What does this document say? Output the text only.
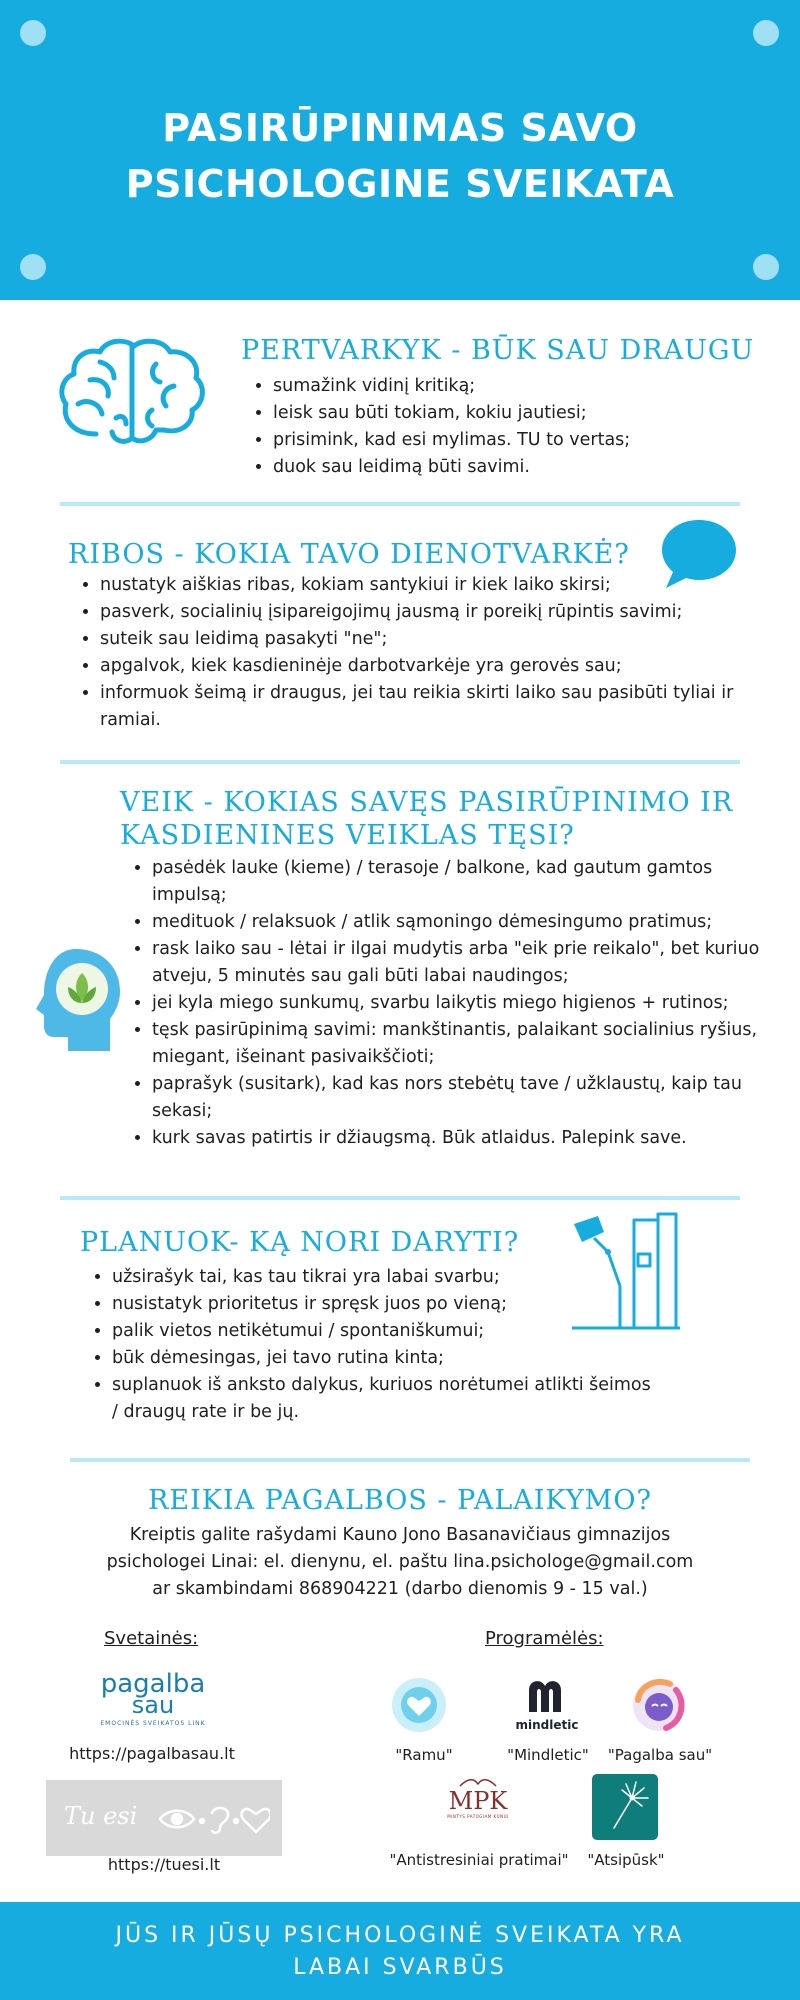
PASIRŪPINIMAS SAVO
PSICHOLOGINE SVEIKATA
PERTVARKYK - BŪK SAU DRAUGU
• sumažink vidinį kritiką;
• leisk sau būti tokiam, kokiu jautiesi;
• prisimink, kad esi mylimas. TU to vertas;
• duok sau leidimą būti savimi.
RIBOS - KOKIA TAVO DIENOTVARKĖ?
• nustatyk aiškias ribas, kokiam santykiui ir kiek laiko skirsi;
• pasverk, socialinių įsipareigojimų jausmą ir poreikį rūpintis savimi;
• suteik sau leidimą pasakyti "ne";
• apgalvok, kiek kasdieninėje darbotvarkėje yra gerovės sau;
• informuok šeimą ir draugus, jei tau reikia skirti laiko sau pasibūti tyliai ir ramiai.
VEIK - KOKIAS SAVĘS PASIRŪPINIMO IR
KASDIENINES VEIKLAS TĘSI?
• pasėdėk lauke (kieme) / terasoje / balkone, kad gautum gamtos impulsą;
• medituok / relaksuok / atlik sąmoningo dėmesingumo pratimus;
• rask laiko sau - lėtai ir ilgai mudytis arba "eik prie reikalo", bet kuriuo atveju, 5 minutės sau gali būti labai naudingos;
• jei kyla miego sunkumų, svarbu laikytis miego higienos + rutinos;
• tęsk pasirūpinimą savimi: mankštinantis, palaikant socialinius ryšius, miegant, išeinant pasivaikščioti;
• paprašyk (susitark), kad kas nors stebėtų tave / užklaustų, kaip tau sekasi;
• kurk savas patirtis ir džiaugsmą. Būk atlaidus. Palepink save.
PLANUOK- KĄ NORI DARYTI?
• užsirašyk tai, kas tau tikrai yra labai svarbu;
• nusistatyk prioritetus ir spręsk juos po vieną;
• palik vietos netikėtumui / spontaniškumui;
• būk dėmesingas, jei tavo rutina kinta;
• suplanuok iš anksto dalykus, kuriuos norėtumei atlikti šeimos / draugų rate ir be jų.
REIKIA PAGALBOS - PALAIKYMO?
Kreiptis galite rašydami Kauno Jono Basanavičiaus gimnazijos
psichologei Linai: el. dienynu, el. paštu lina.psichologe@gmail.com
ar skambindami 868904221 (darbo dienomis 9 - 15 val.)
Svetainės:	Programėlės:
pagalba
sau
EMOCINĖS SVEIKATOS LINK
https://pagalbasau.lt
Tu esi
https://tuesi.lt
"Ramu"
mindletic
"Mindletic"	"Pagalba sau"
MPK
MINTYS PATOGIAM KŪNUI
"Antistresiniai pratimai"	"Atsipūsk"

JŪS IR JŪSŲ PSICHOLOGINĖ SVEIKATA YRA
LABAI SVARBŪS
